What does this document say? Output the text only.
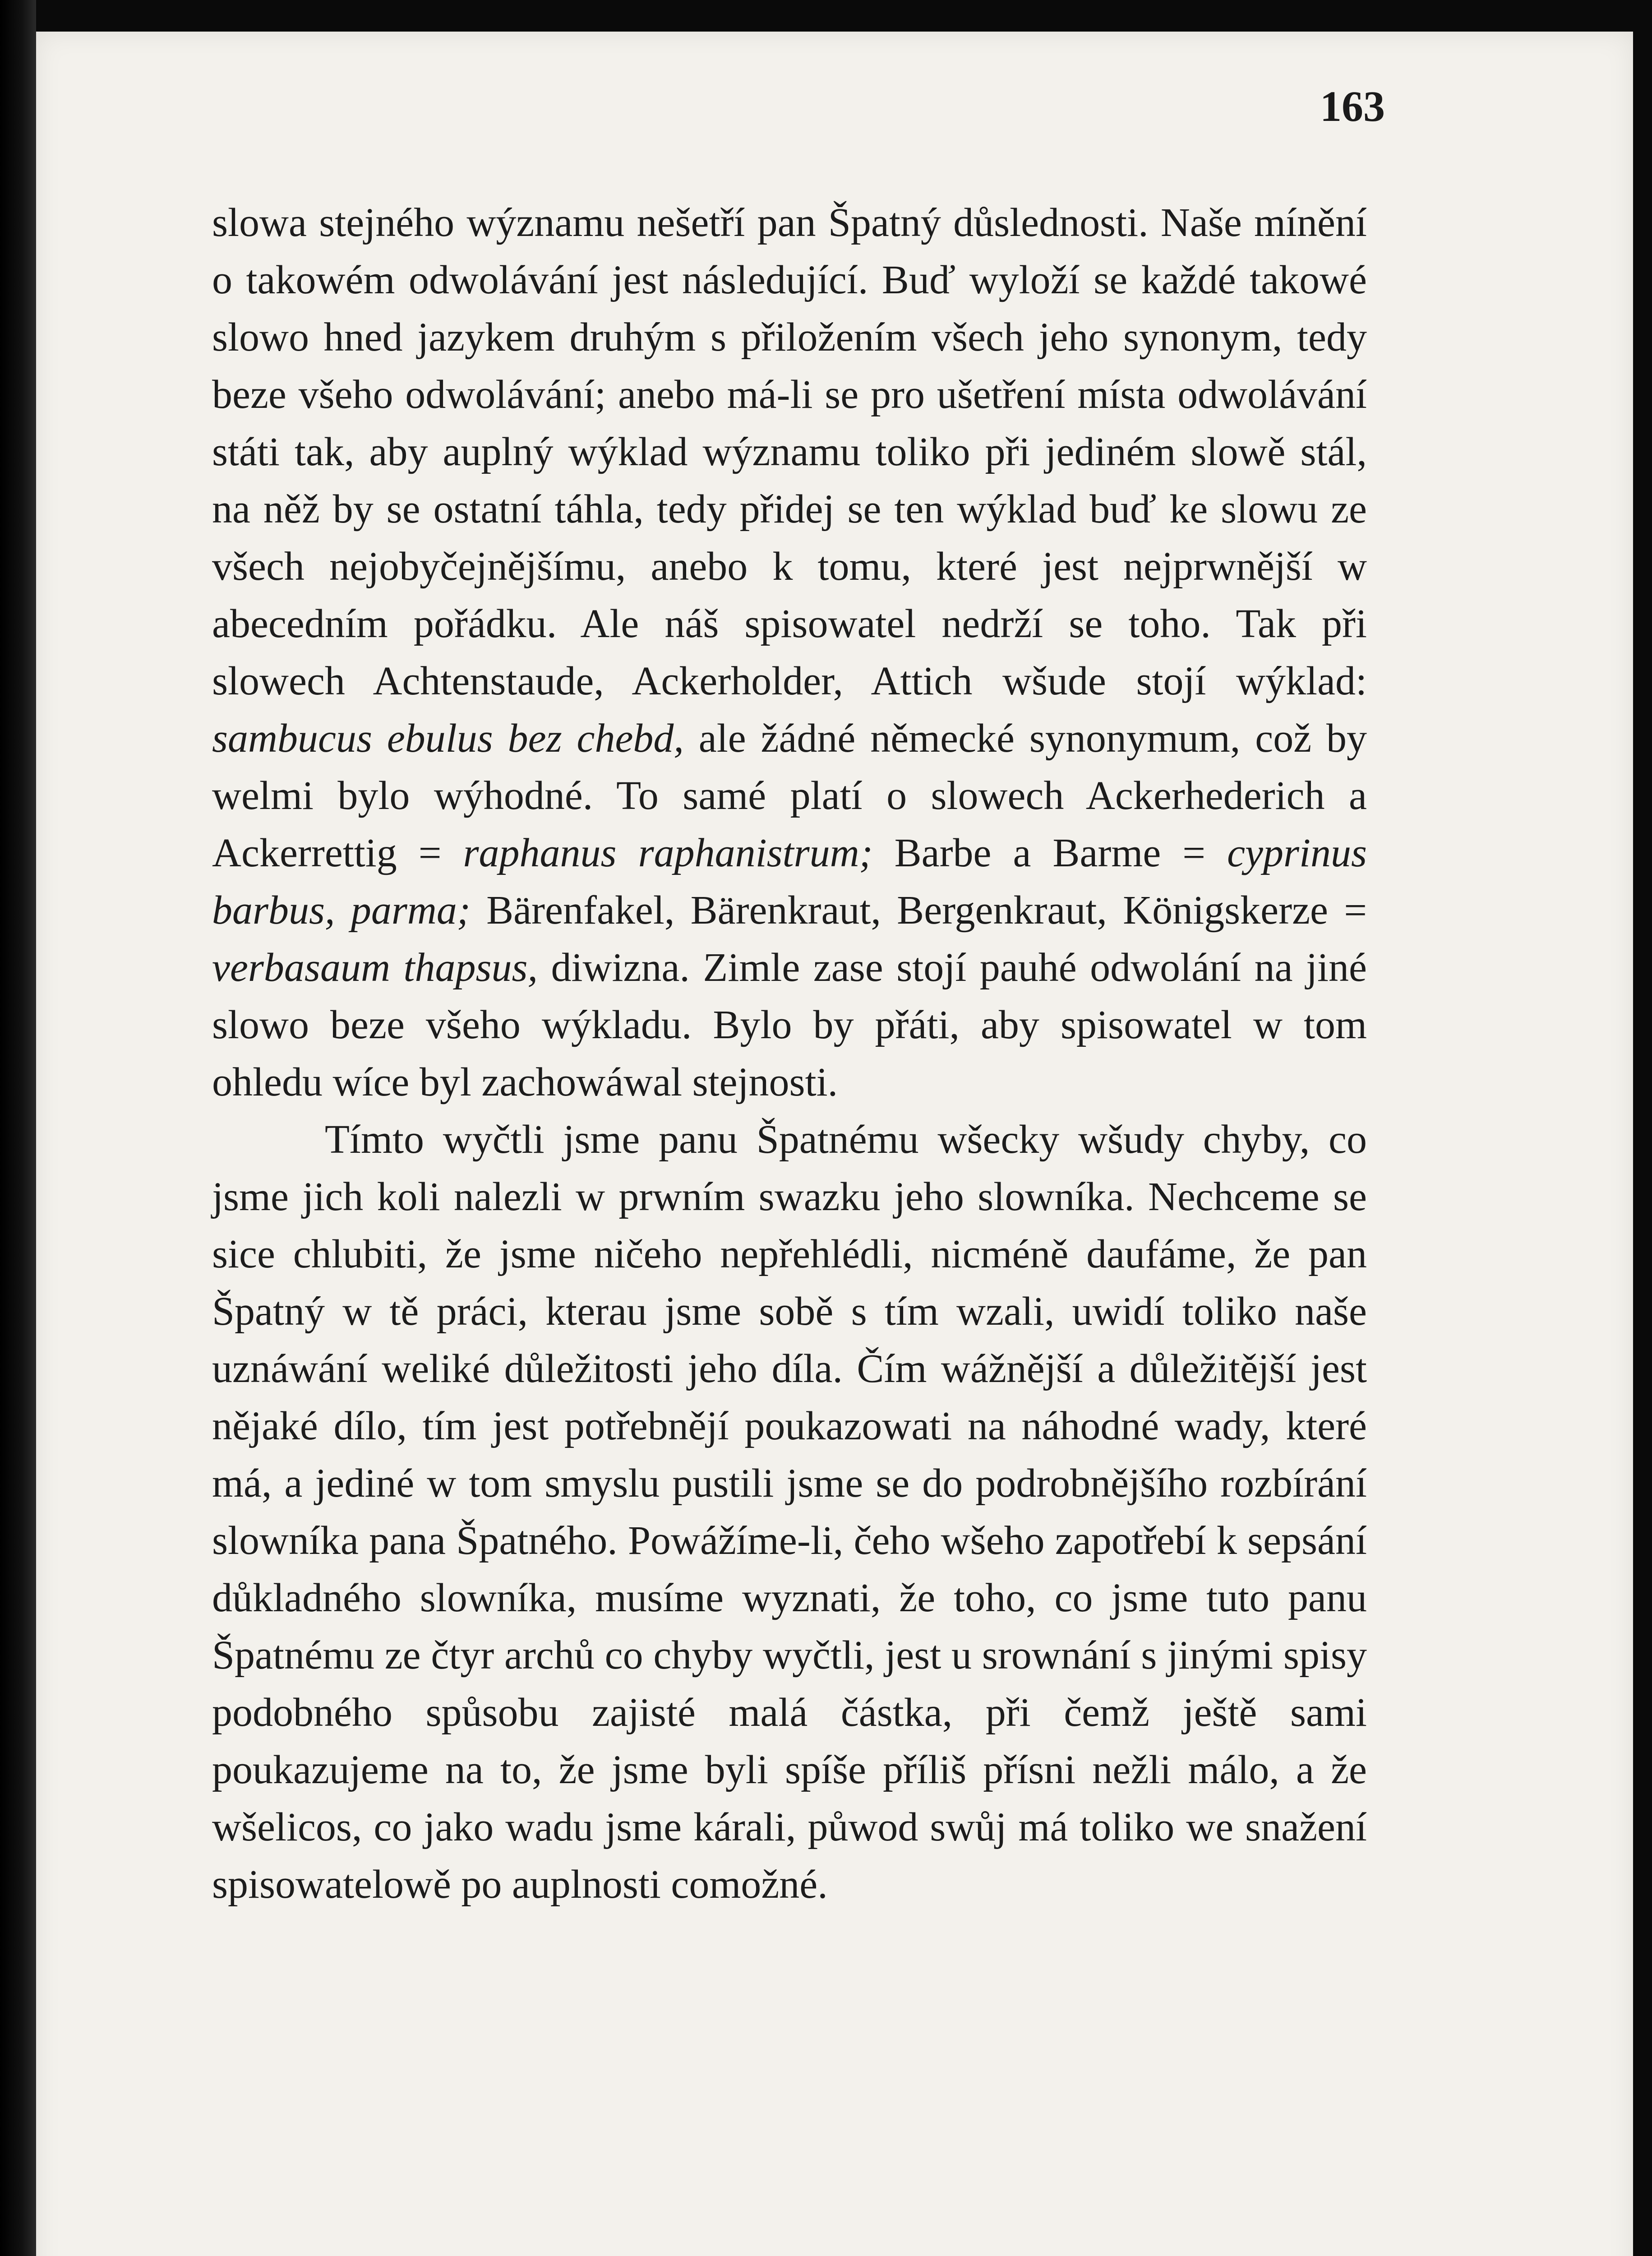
163

slowa stejného wýznamu nešetří pan Špatný důslednosti. Naše mínění o takowém odwolávání jest následující. Buď wyloží se každé takowé slowo hned jazykem druhým s přiložením všech jeho synonym, tedy beze všeho odwolávání; anebo má-li se pro ušetření místa odwolávání státi tak, aby auplný wýklad wýznamu toliko při jediném slowě stál, na něž by se ostatní táhla, tedy přidej se ten wýklad buď ke slowu ze všech nejobyčejnějšímu, anebo k tomu, které jest nejprwnější w abecedním pořádku. Ale náš spisowatel nedrží se toho. Tak při slowech Achtenstaude, Ackerholder, Attich wšude stojí wýklad: sambucus ebulus bez chebd, ale žádné německé synonymum, což by welmi bylo wýhodné. To samé platí o slowech Ackerhederich a Ackerrettig = raphanus raphanistrum; Barbe a Barme = cyprinus barbus, parma; Bärenfakel, Bärenkraut, Bergenkraut, Königskerze = verbasaum thapsus, diwizna. Zimle zase stojí pauhé odwolání na jiné slowo beze všeho wýkladu. Bylo by přáti, aby spisowatel w tom ohledu wíce byl zachowáwal stejnosti.

Tímto wyčtli jsme panu Špatnému wšecky wšudy chyby, co jsme jich koli nalezli w prwním swazku jeho slowníka. Nechceme se sice chlubiti, že jsme ničeho nepřehlédli, nicméně daufáme, že pan Špatný w tě práci, kterau jsme sobě s tím wzali, uwidí toliko naše uznáwání weliké důležitosti jeho díla. Čím wážnější a důležitější jest nějaké dílo, tím jest potřebnějí poukazowati na náhodné wady, které má, a jediné w tom smyslu pustili jsme se do podrobnějšího rozbírání slowníka pana Špatného. Powážíme-li, čeho wšeho zapotřebí k sepsání důkladného slowníka, musíme wyznati, že toho, co jsme tuto panu Špatnému ze čtyr archů co chyby wyčtli, jest u srownání s jinými spisy podobného spůsobu zajisté malá částka, při čemž ještě sami poukazujeme na to, že jsme byli spíše příliš přísni nežli málo, a že wšelicos, co jako wadu jsme kárali, půwod swůj má toliko we snažení spisowatelowě po auplnosti comožné.
